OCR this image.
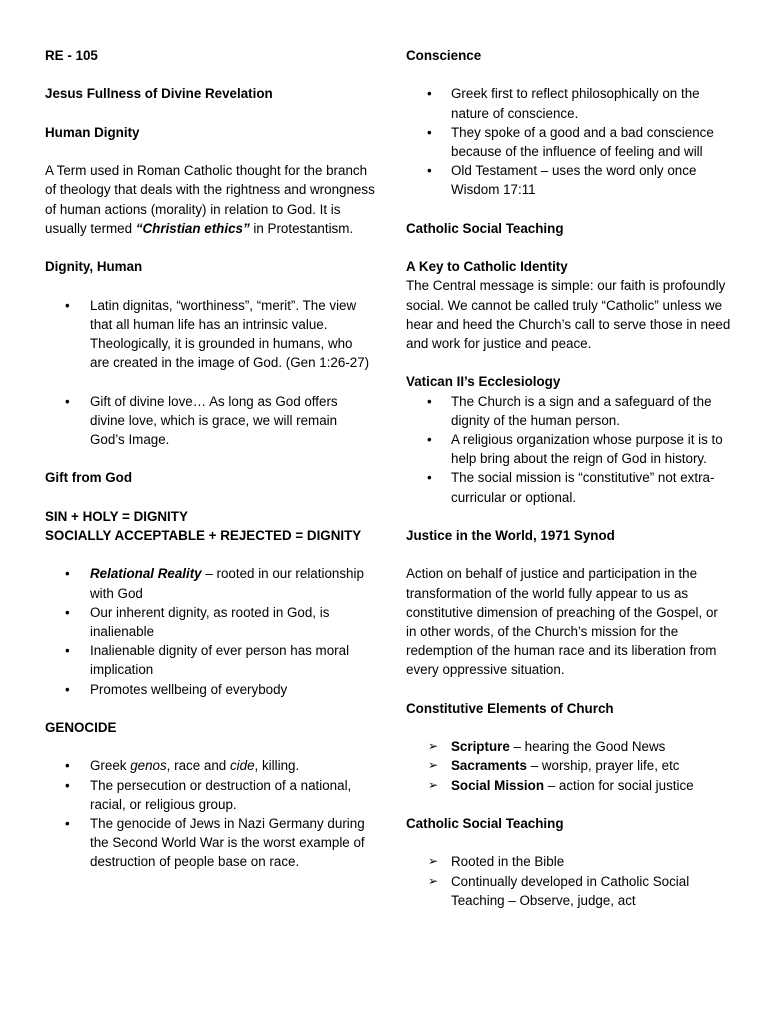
RE - 105

Jesus Fullness of Divine Revelation

Human Dignity

A Term used in Roman Catholic thought for the branch of theology that deals with the rightness and wrongness of human actions (morality) in relation to God. It is usually termed “Christian ethics” in Protestantism.

Dignity, Human

• Latin dignitas, “worthiness”, “merit”. The view that all human life has an intrinsic value. Theologically, it is grounded in humans, who are created in the image of God. (Gen 1:26-27)
• Gift of divine love… As long as God offers divine love, which is grace, we will remain God’s Image.

Gift from God

SIN + HOLY = DIGNITY

SOCIALLY ACCEPTABLE + REJECTED = DIGNITY

• Relational Reality – rooted in our relationship with God
• Our inherent dignity, as rooted in God, is inalienable
• Inalienable dignity of ever person has moral implication
• Promotes wellbeing of everybody

GENOCIDE

• Greek genos, race and cide, killing.
• The persecution or destruction of a national, racial, or religious group.
• The genocide of Jews in Nazi Germany during the Second World War is the worst example of destruction of people base on race.

Conscience

• Greek first to reflect philosophically on the nature of conscience.
• They spoke of a good and a bad conscience because of the influence of feeling and will
• Old Testament – uses the word only once Wisdom 17:11

Catholic Social Teaching

A Key to Catholic Identity

The Central message is simple: our faith is profoundly social. We cannot be called truly “Catholic” unless we hear and heed the Church’s call to serve those in need and work for justice and peace.

Vatican II’s Ecclesiology

• The Church is a sign and a safeguard of the dignity of the human person.
• A religious organization whose purpose it is to help bring about the reign of God in history.
• The social mission is “constitutive” not extra-curricular or optional.

Justice in the World, 1971 Synod

Action on behalf of justice and participation in the transformation of the world fully appear to us as constitutive dimension of preaching of the Gospel, or in other words, of the Church’s mission for the redemption of the human race and its liberation from every oppressive situation.

Constitutive Elements of Church

➢ Scripture – hearing the Good News
➢ Sacraments – worship, prayer life, etc
➢ Social Mission – action for social justice

Catholic Social Teaching

➢ Rooted in the Bible
➢ Continually developed in Catholic Social Teaching – Observe, judge, act
